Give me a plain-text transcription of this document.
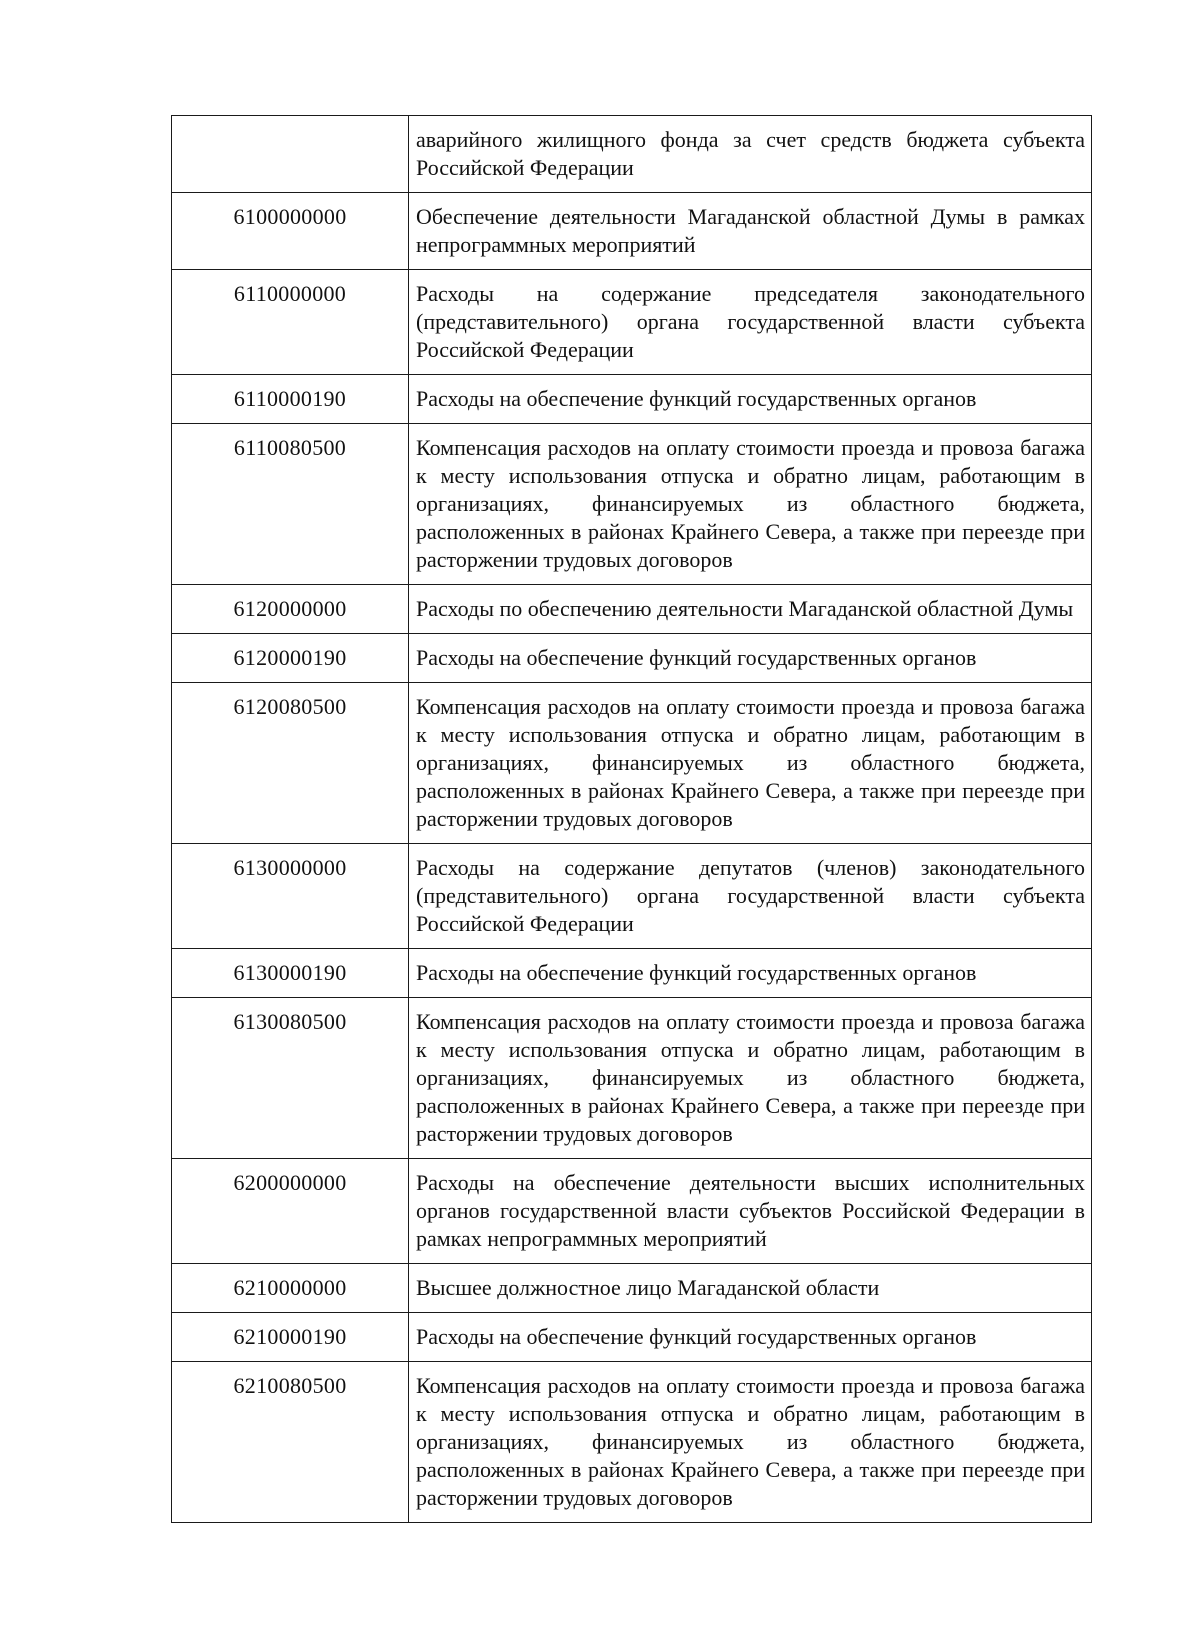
	аварийного жилищного фонда за счет средств бюджета субъекта Российской Федерации
6100000000	Обеспечение деятельности Магаданской областной Думы в рамках непрограммных мероприятий
6110000000	Расходы на содержание председателя законодательного (представительного) органа государственной власти субъекта Российской Федерации
6110000190	Расходы на обеспечение функций государственных органов
6110080500	Компенсация расходов на оплату стоимости проезда и провоза багажа к месту использования отпуска и обратно лицам, работающим в организациях, финансируемых из областного бюджета, расположенных в районах Крайнего Севера, а также при переезде при расторжении трудовых договоров
6120000000	Расходы по обеспечению деятельности Магаданской областной Думы
6120000190	Расходы на обеспечение функций государственных органов
6120080500	Компенсация расходов на оплату стоимости проезда и провоза багажа к месту использования отпуска и обратно лицам, работающим в организациях, финансируемых из областного бюджета, расположенных в районах Крайнего Севера, а также при переезде при расторжении трудовых договоров
6130000000	Расходы на содержание депутатов (членов) законодательного (представительного) органа государственной власти субъекта Российской Федерации
6130000190	Расходы на обеспечение функций государственных органов
6130080500	Компенсация расходов на оплату стоимости проезда и провоза багажа к месту использования отпуска и обратно лицам, работающим в организациях, финансируемых из областного бюджета, расположенных в районах Крайнего Севера, а также при переезде при расторжении трудовых договоров
6200000000	Расходы на обеспечение деятельности высших исполнительных органов государственной власти субъектов Российской Федерации в рамках непрограммных мероприятий
6210000000	Высшее должностное лицо Магаданской области
6210000190	Расходы на обеспечение функций государственных органов
6210080500	Компенсация расходов на оплату стоимости проезда и провоза багажа к месту использования отпуска и обратно лицам, работающим в организациях, финансируемых из областного бюджета, расположенных в районах Крайнего Севера, а также при переезде при расторжении трудовых договоров
